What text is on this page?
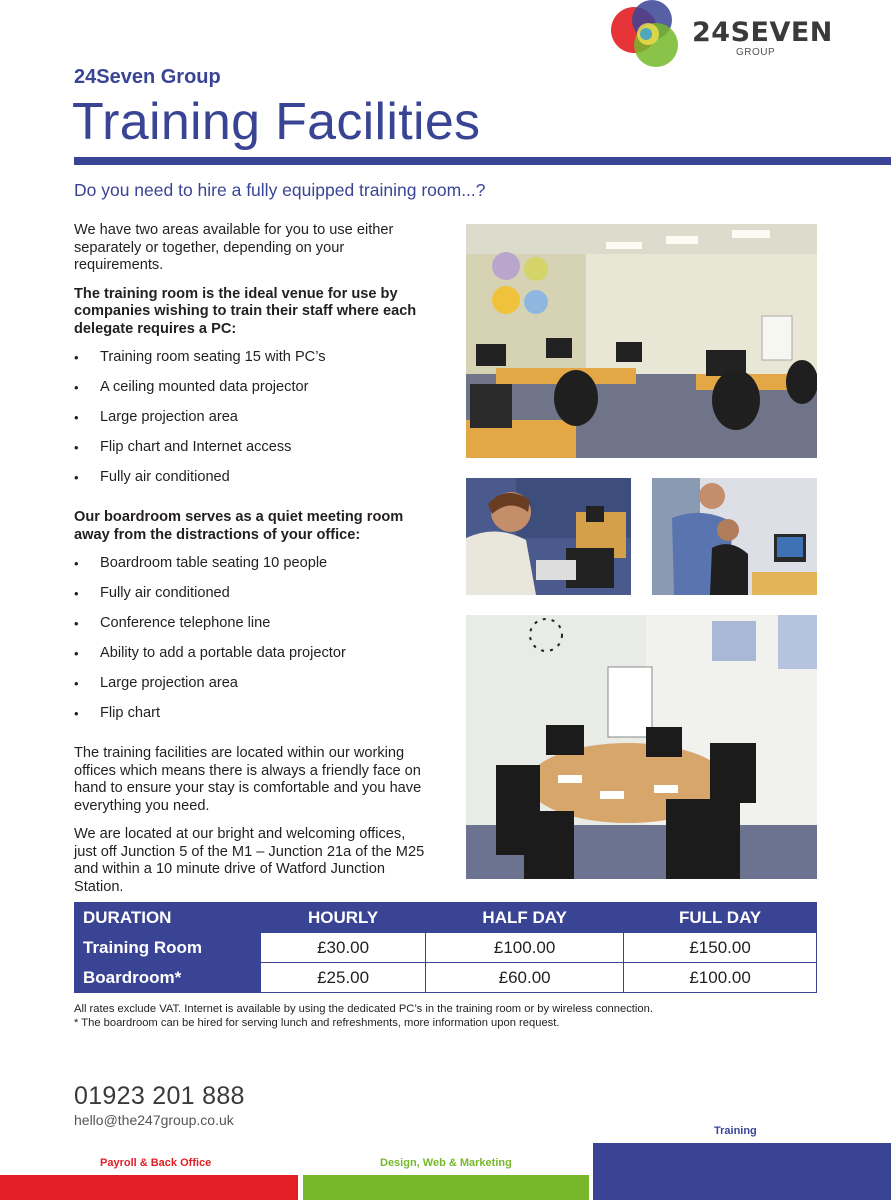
24SEVEN
GROUP
24Seven Group
Training Facilities
Do you need to hire a fully equipped training room...?

We have two areas available for you to use either separately or together, depending on your requirements.

The training room is the ideal venue for use by companies wishing to train their staff where each delegate requires a PC:

• Training room seating 15 with PC’s
• A ceiling mounted data projector
• Large projection area
• Flip chart and Internet access
• Fully air conditioned

Our boardroom serves as a quiet meeting room away from the distractions of your office:

• Boardroom table seating 10 people
• Fully air conditioned
• Conference telephone line
• Ability to add a portable data projector
• Large projection area
• Flip chart

The training facilities are located within our working offices which means there is always a friendly face on hand to ensure your stay is comfortable and you have everything you need.

We are located at our bright and welcoming offices, just off Junction 5 of the M1 – Junction 21a of the M25 and within a 10 minute drive of Watford Junction Station.

DURATION	HOURLY	HALF DAY	FULL DAY
Training Room	£30.00	£100.00	£150.00
Boardroom*	£25.00	£60.00	£100.00
All rates exclude VAT. Internet is available by using the dedicated PC’s in the training room or by wireless connection.
* The boardroom can be hired for serving lunch and refreshments, more information upon request.
01923 201 888
hello@the247group.co.uk
Training
Payroll & Back Office	Design, Web & Marketing
